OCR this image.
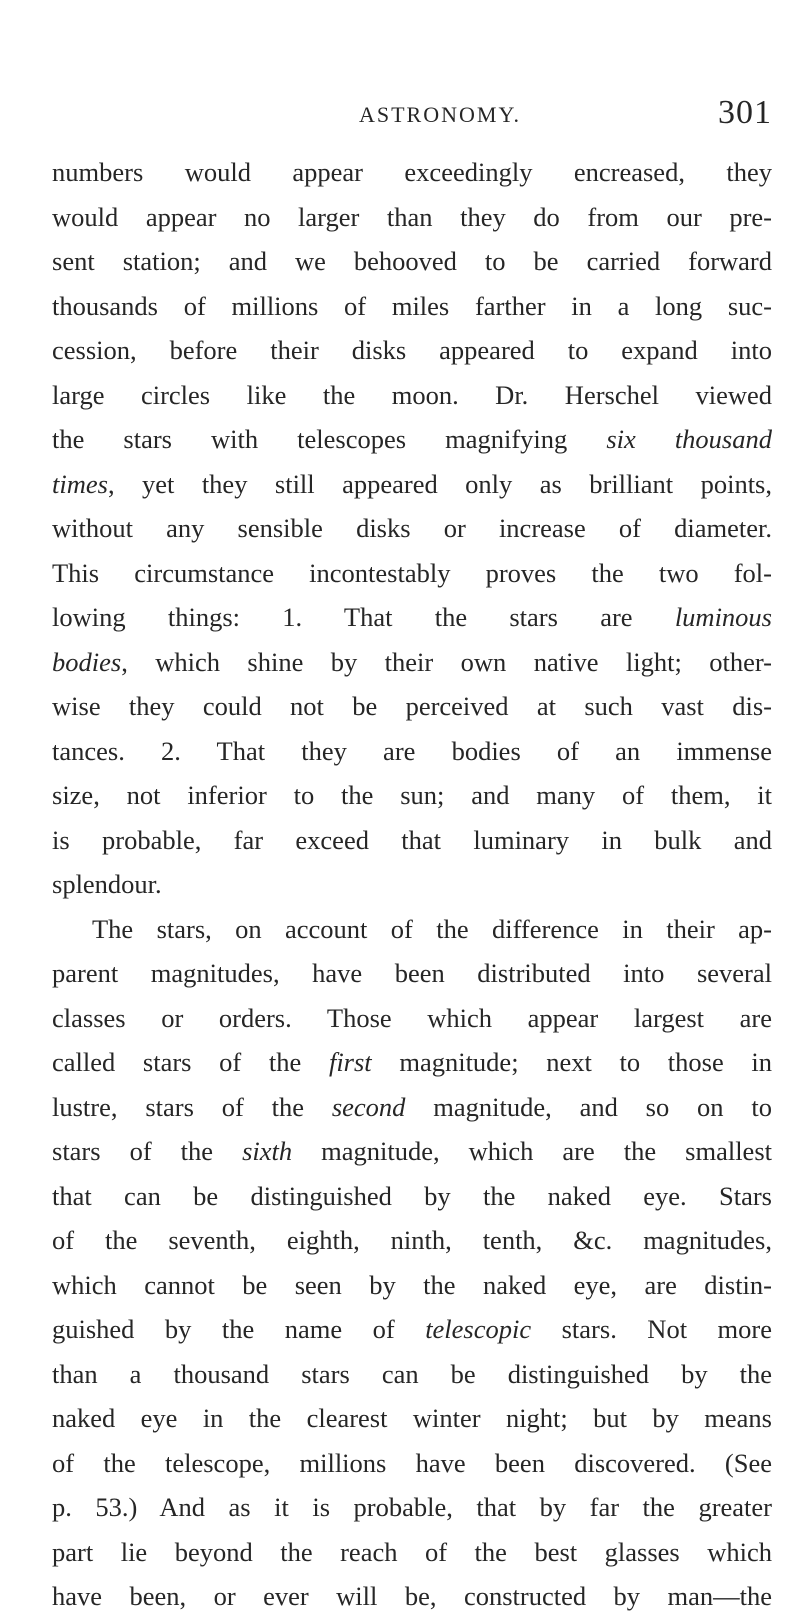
ASTRONOMY.	301
numbers would appear exceedingly encreased, they
would appear no larger than they do from our pre-
sent station; and we behooved to be carried forward
thousands of millions of miles farther in a long suc-
cession, before their disks appeared to expand into
large circles like the moon. Dr. Herschel viewed
the stars with telescopes magnifying six thousand
times, yet they still appeared only as brilliant points,
without any sensible disks or increase of diameter.
This circumstance incontestably proves the two fol-
lowing things: 1. That the stars are luminous
bodies, which shine by their own native light; other-
wise they could not be perceived at such vast dis-
tances. 2. That they are bodies of an immense
size, not inferior to the sun; and many of them, it
is probable, far exceed that luminary in bulk and
splendour.
The stars, on account of the difference in their ap-
parent magnitudes, have been distributed into several
classes or orders. Those which appear largest are
called stars of the first magnitude; next to those in
lustre, stars of the second magnitude, and so on to
stars of the sixth magnitude, which are the smallest
that can be distinguished by the naked eye. Stars
of the seventh, eighth, ninth, tenth, &c. magnitudes,
which cannot be seen by the naked eye, are distin-
guished by the name of telescopic stars. Not more
than a thousand stars can be distinguished by the
naked eye in the clearest winter night; but by means
of the telescope, millions have been discovered. (See
p. 53.) And as it is probable, that by far the greater
part lie beyond the reach of the best glasses which
have been, or ever will be, constructed by man—the
